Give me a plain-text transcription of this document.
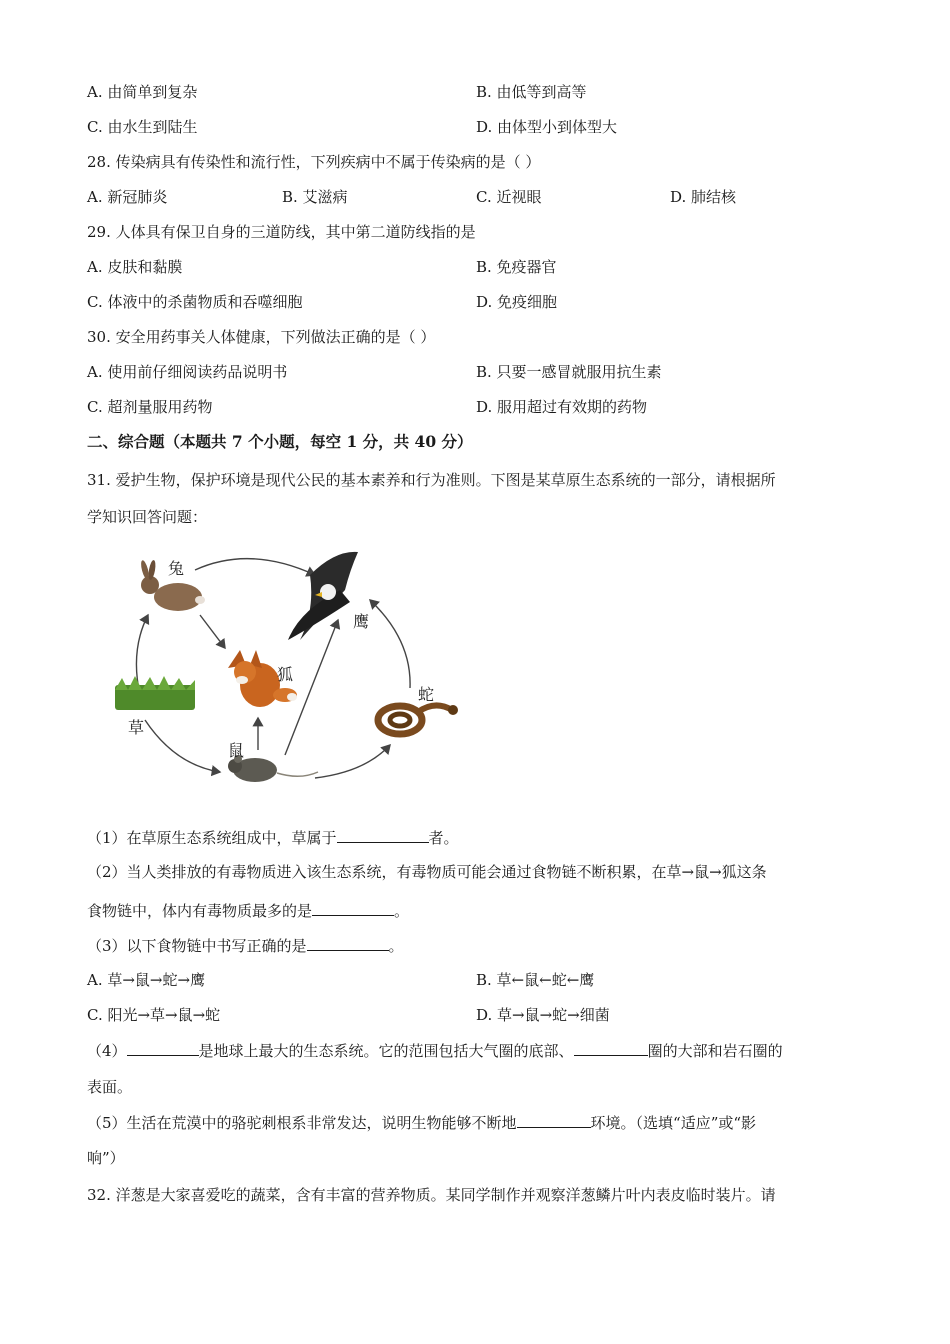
A. 由简单到复杂	B. 由低等到高等
C. 由水生到陆生	D. 由体型小到体型大
28. 传染病具有传染性和流行性，下列疾病中不属于传染病的是（ ）
A. 新冠肺炎	B. 艾滋病	C. 近视眼	D. 肺结核
29. 人体具有保卫自身的三道防线，其中第二道防线指的是
A. 皮肤和黏膜	B. 免疫器官
C. 体液中的杀菌物质和吞噬细胞	D. 免疫细胞
30. 安全用药事关人体健康，下列做法正确的是（ ）
A. 使用前仔细阅读药品说明书	B. 只要一感冒就服用抗生素
C. 超剂量服用药物	D. 服用超过有效期的药物
二、综合题（本题共 7 个小题，每空 1 分，共 40 分）
31. 爱护生物，保护环境是现代公民的基本素养和行为准则。下图是某草原生态系统的一部分，请根据所
学知识回答问题：
兔
鹰
狐
蛇
草
鼠
（1）在草原生态系统组成中，草属于	者。
（2）当人类排放的有毒物质进入该生态系统，有毒物质可能会通过食物链不断积累，在草→鼠→狐这条
食物链中，体内有毒物质最多的是	。
（3）以下食物链中书写正确的是	。
A. 草→鼠→蛇→鹰	B. 草←鼠←蛇←鹰
C. 阳光→草→鼠→蛇	D. 草→鼠→蛇→细菌
（4）	是地球上最大的生态系统。它的范围包括大气圈的底部、	圈的大部和岩石圈的
表面。
（5）生活在荒漠中的骆驼刺根系非常发达，说明生物能够不断地	环境。（选填“适应”或“影
响”）
32. 洋葱是大家喜爱吃的蔬菜，含有丰富的营养物质。某同学制作并观察洋葱鳞片叶内表皮临时装片。请
